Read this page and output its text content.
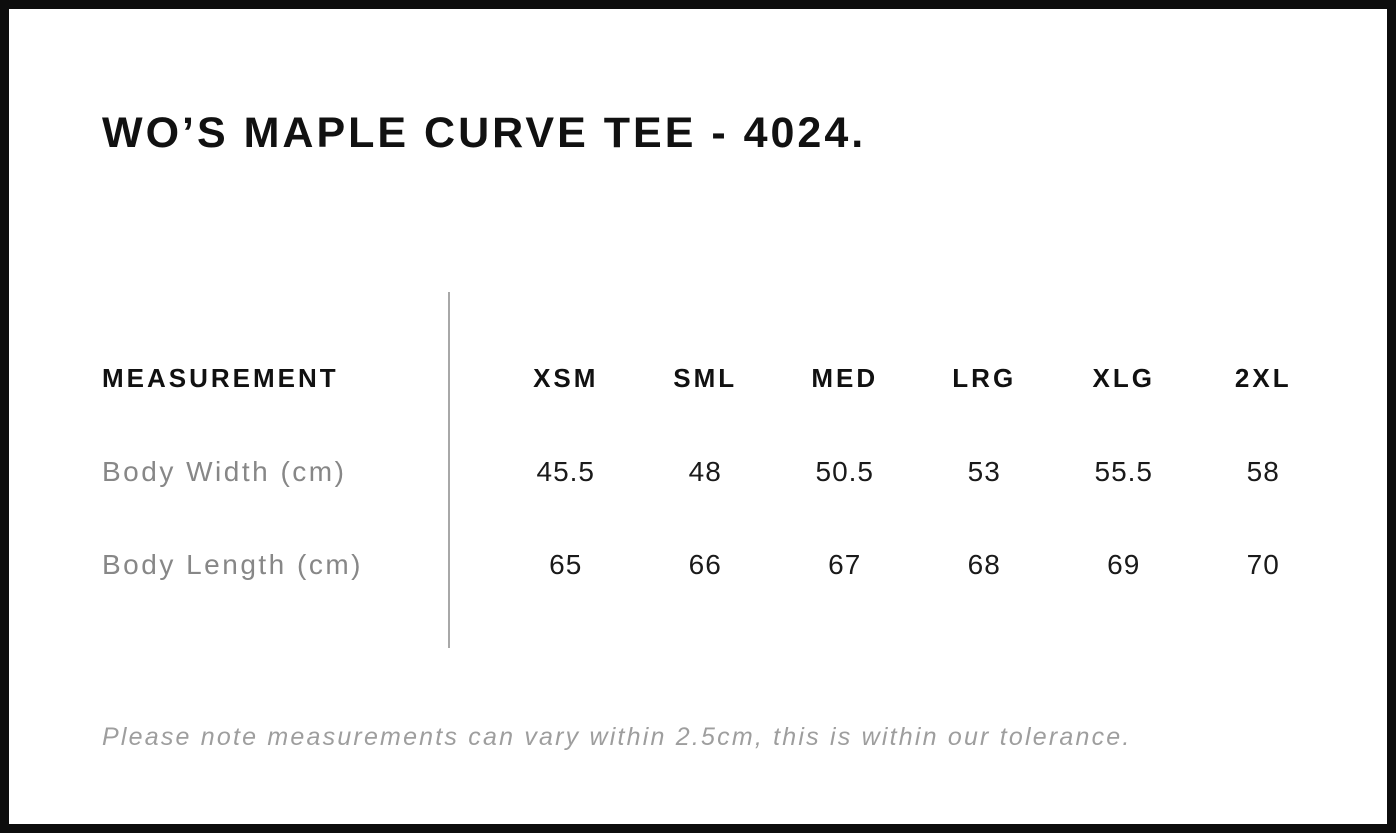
WO’S MAPLE CURVE TEE - 4024.
MEASUREMENT	XSM	SML	MED	LRG	XLG	2XL
Body Width (cm)	45.5	48	50.5	53	55.5	58
Body Length (cm)	65	66	67	68	69	70

Please note measurements can vary within 2.5cm, this is within our tolerance.
